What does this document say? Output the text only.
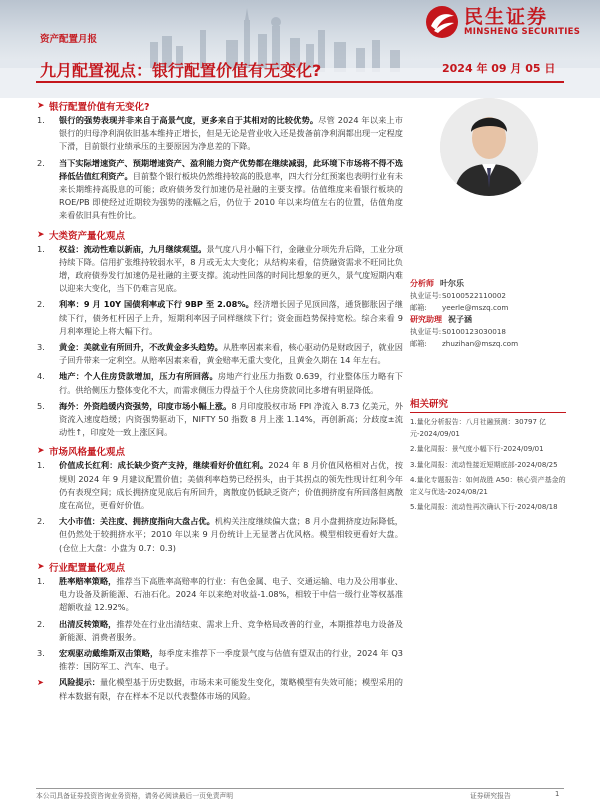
民生证券
MINSHENG SECURITIES
资产配置月报
九月配置视点：银行配置价值有无变化?	2024 年 09 月 05 日
➤ 银行配置价值有无变化?
1.	银行的强势表现并非来自于高景气度，更多来自于其相对的比较优势。尽管 2024 年以来上市银行的归母净利润依旧基本维持正增长，但是无论是营业收入还是拨备前净利润都出现一定程度下滑，目前银行业绩承压的主要原因为净息差的下降。
2.	当下实际增速资产、预期增速资产、盈利能力资产优势都在继续减弱，此环境下市场将不得不选择低估值红利资产。目前整个银行板块仍然维持较高的股息率，四大行分红预案也表明行业有未来长期维持高股息的可能；政府债务发行加速仍是社融的主要支撑。估值维度来看银行板块的 ROE/PB 即使经过近期较为强势的涨幅之后，仍位于 2010 年以来均值左右的位置，估值角度来看依旧具有性价比。
➤ 大类资产量化观点
1.	权益：流动性难以新庙，九月继续观望。景气度八月小幅下行，金融业分项先升后降，工业分项持续下降。信用扩张维持较弱水平，8 月或无太大变化；从结构来看，信贷融资需求不旺同比负增，政府债券发行加速仍是社融的主要支撑。流动性回落的时间比想象的更久，景气度短期内难以迎来大变化，当下仍难言见底。
2.	利率：9 月 10Y 国债利率或下行 9BP 至 2.08%。经济增长因子见顶回落，通货膨胀因子继续下行，债务杠杆因子上升，短期利率因子同样继续下行；资金面趋势保持宽松。综合来看 9 月利率理论上将大幅下行。
3.	黄金：美就业有所回升，不改黄金多头趋势。从胜率因素来看，核心驱动仍是财政因子，就业因子回升带来一定利空。从赔率因素来看，黄金赔率无重大变化，且黄金久期在 14 年左右。
4.	地产：个人住房贷款增加，压力有所回落。房地产行业压力指数 0.639，行业整体压力略有下行。供给侧压力整体变化不大，而需求侧压力得益于个人住房贷款同比多增有明显降低。
5.	海外：外资趋缓内资强势，印度市场小幅上涨。8 月印度股权市场 FPI 净流入 8.73 亿美元，外资流入速度趋缓；内资强势驱动下，NIFTY 50 指数 8 月上涨 1.14%，再创新高；分歧度±流动性↑，印度处一致上涨区间。
➤ 市场风格量化观点
1.	价值成长红利：成长缺少资产支持，继续看好价值红利。2024 年 8 月价值风格相对占优，按规则 2024 年 9 月建议配置价值；美债利率趋势已经拐头，由于其拐点的领先性现计红利今年仍有表现空间；成长拥挤度见底后有所回升，离散度仍低缺乏资产；价值拥挤度有所回落但离散度在高位，更看好价值。
2.	大小市值：关注度、拥挤度指向大盘占优。机构关注度继续偏大盘；8 月小盘拥挤度边际降低，但仍然处于较拥挤水平；2010 年以来 9 月份统计上无显著占优风格。模型相较更看好大盘。(仓位上大盘：小盘为 0.7：0.3)
➤ 行业配置量化观点
1.	胜率赔率策略，推荐当下高胜率高赔率的行业：有色金属、电子、交通运输、电力及公用事业、电力设备及新能源、石油石化。2024 年以来绝对收益-1.08%，相较于中信一级行业等权基准超额收益 12.92%。
2.	出清反转策略，推荐处在行业出清结束、需求上升、竞争格局改善的行业，本期推荐电力设备及新能源、消费者服务。
3.	宏观驱动戴维斯双击策略，每季度末推荐下一季度景气度与估值有望双击的行业，2024 年 Q3 推荐：国防军工、汽车、电子。
➤	风险提示：量化模型基于历史数据，市场未来可能发生变化，策略模型有失效可能；模型采用的样本数据有限，存在样本不足以代表整体市场的风险。
分析师 叶尔乐
执业证号:S0100522110002
邮箱: yeerle@mszq.com
研究助理 祝子涵
执业证号:S0100123030018
邮箱: zhuzihan@mszq.com
相关研究
1.量化分析报告：八月社融预测：30797 亿元-2024/09/01
2.量化周报：景气度小幅下行-2024/09/01
3.量化周报：流动性接近短期底部-2024/08/25
4.量化专题报告：如何战胜 A50：核心资产基金的定义与优选-2024/08/21
5.量化周报：流动性再次确认下行-2024/08/18
本公司具备证券投资咨询业务资格，请务必阅读最后一页免责声明	证券研究报告	1
